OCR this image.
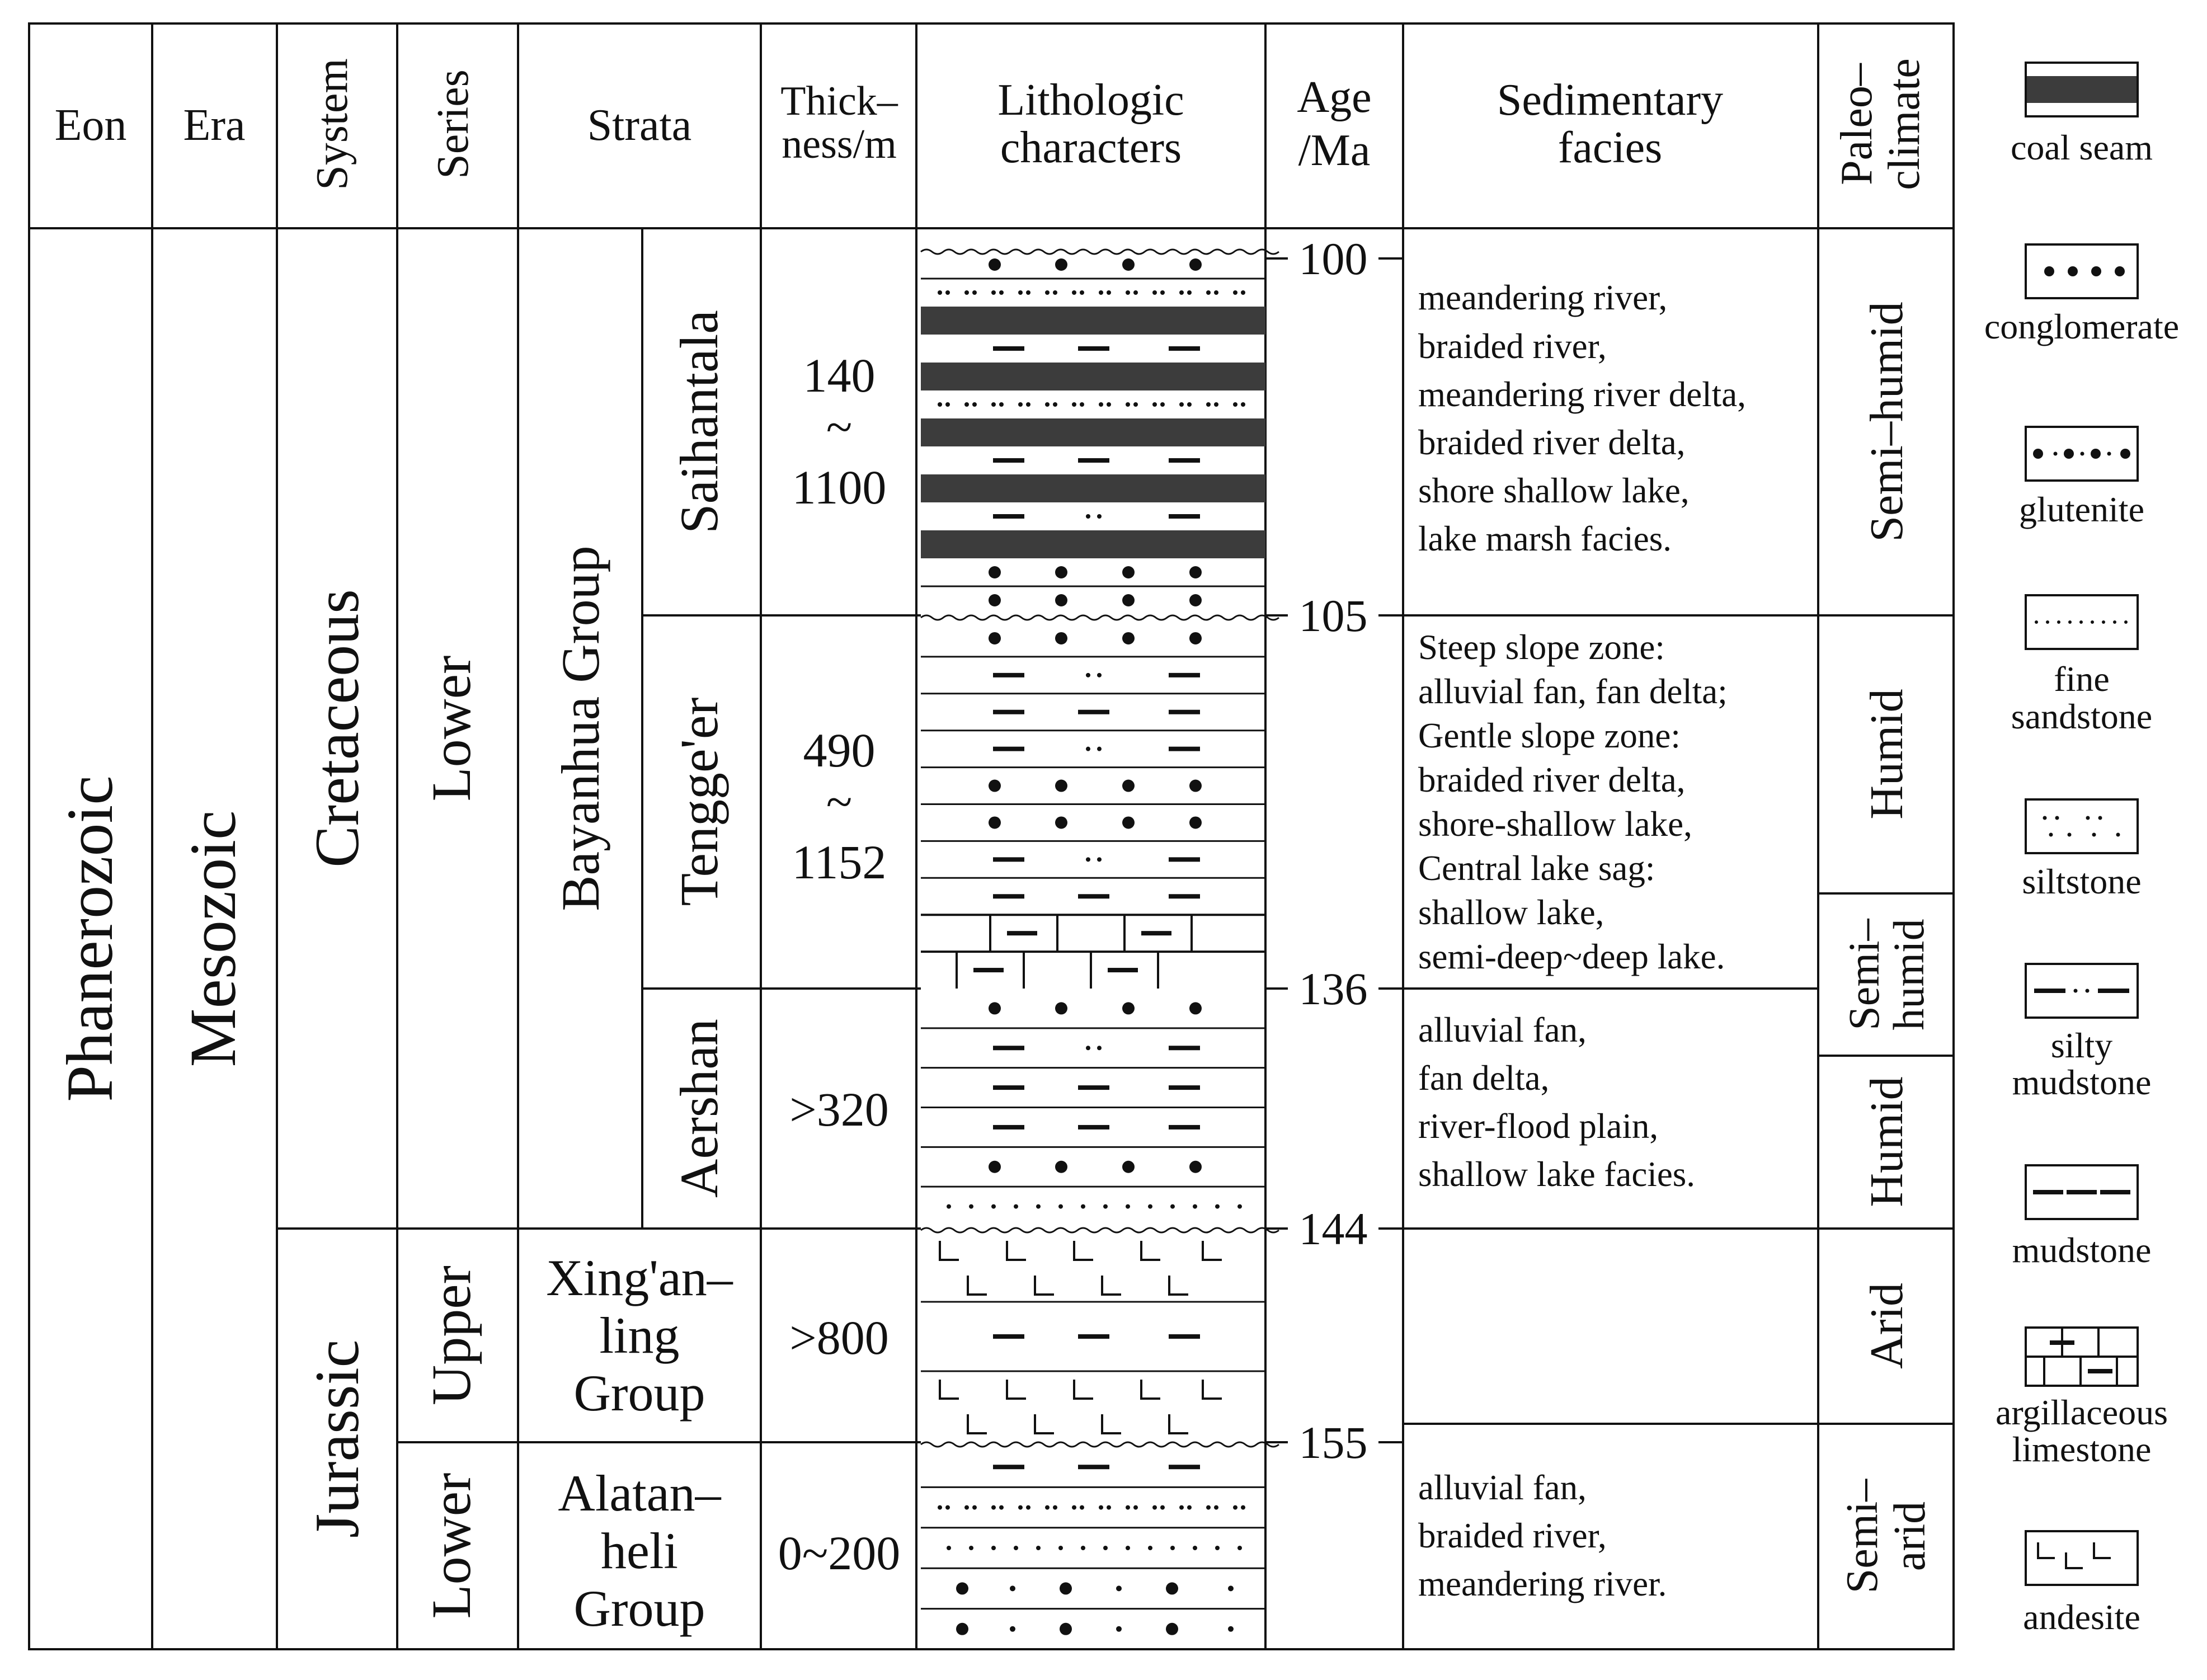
Eon Era System Series Strata Thick–
ness/m
Lithologic
characters
Age
/Ma
Sedimentary
facies	Paleo–
climate
Phanerozoic Mesozoic
Cretaceous
Jurassic
Lower
Upper
Lower
Bayanhua Group
Saihantala
Tengge'er
Aershan
Xing'an–
ling
Group
Alatan–
heli
Group
140
~
1100
490
~
1152
>320
>800
0~200
100
105
136
144
155
meandering river,
braided river,
meandering river delta,
braided river delta,
shore shallow lake,
lake marsh facies.
Steep slope zone:
alluvial fan, fan delta;
Gentle slope zone:
braided river delta,
shore-shallow lake,
Central lake sag:
shallow lake,
semi-deep~deep lake.
alluvial fan,
fan delta,
river-flood plain,
shallow lake facies.
alluvial fan,
braided river,
meandering river.
Semi–humid
Humid
Semi–
humid
Humid
Arid
Semi–
arid
coal seam
conglomerate
glutenite
fine
sandstone
siltstone
silty
mudstone
mudstone
argillaceous
limestone
andesite
